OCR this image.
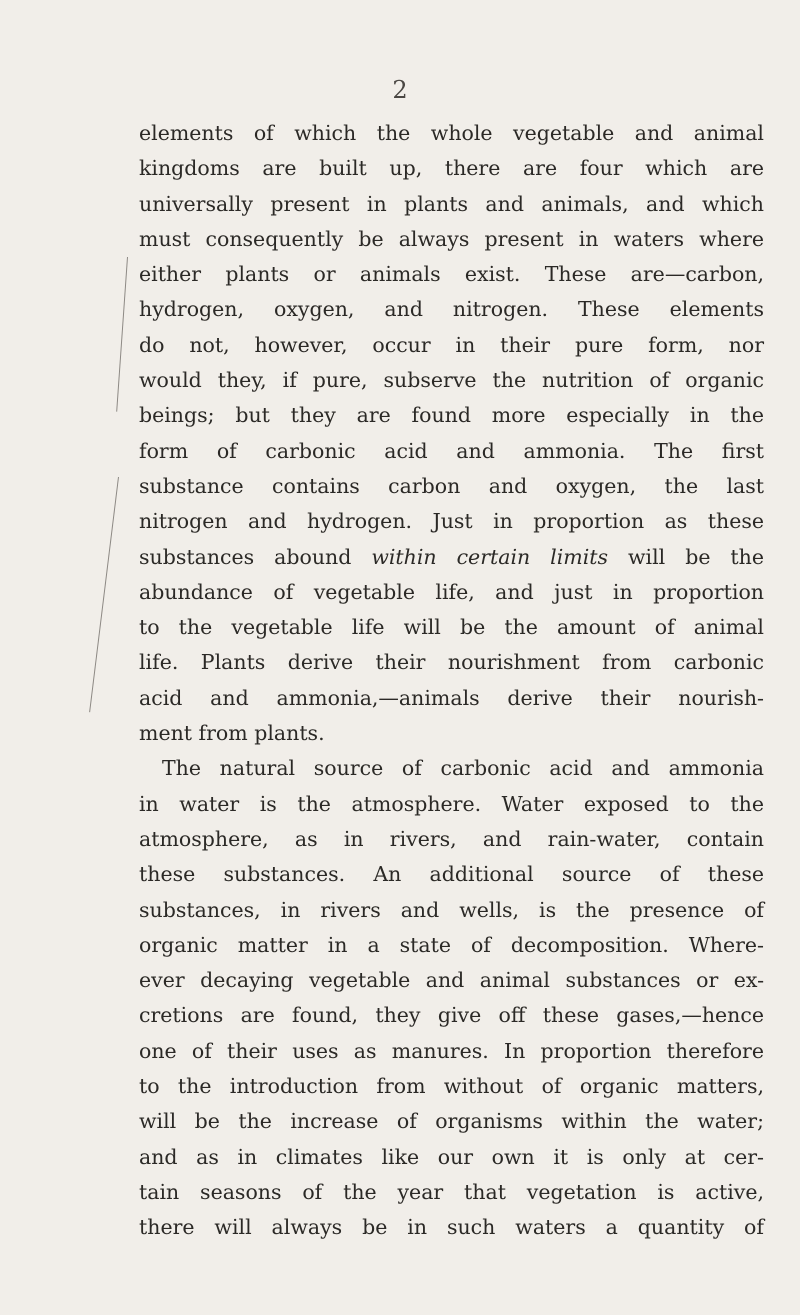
2
elements of which the whole vegetable and animal
kingdoms are built up, there are four which are
universally present in plants and animals, and which
must consequently be always present in waters where
either plants or animals exist. These are—carbon,
hydrogen, oxygen, and nitrogen. These elements
do not, however, occur in their pure form, nor
would they, if pure, subserve the nutrition of organic
beings; but they are found more especially in the
form of carbonic acid and ammonia. The first
substance contains carbon and oxygen, the last
nitrogen and hydrogen. Just in proportion as these
substances abound within certain limits will be the
abundance of vegetable life, and just in proportion
to the vegetable life will be the amount of animal
life. Plants derive their nourishment from carbonic
acid and ammonia,—animals derive their nourish-
ment from plants.
The natural source of carbonic acid and ammonia
in water is the atmosphere. Water exposed to the
atmosphere, as in rivers, and rain-water, contain
these substances. An additional source of these
substances, in rivers and wells, is the presence of
organic matter in a state of decomposition. Where-
ever decaying vegetable and animal substances or ex-
cretions are found, they give off these gases,—hence
one of their uses as manures. In proportion therefore
to the introduction from without of organic matters,
will be the increase of organisms within the water;
and as in climates like our own it is only at cer-
tain seasons of the year that vegetation is active,
there will always be in such waters a quantity of
